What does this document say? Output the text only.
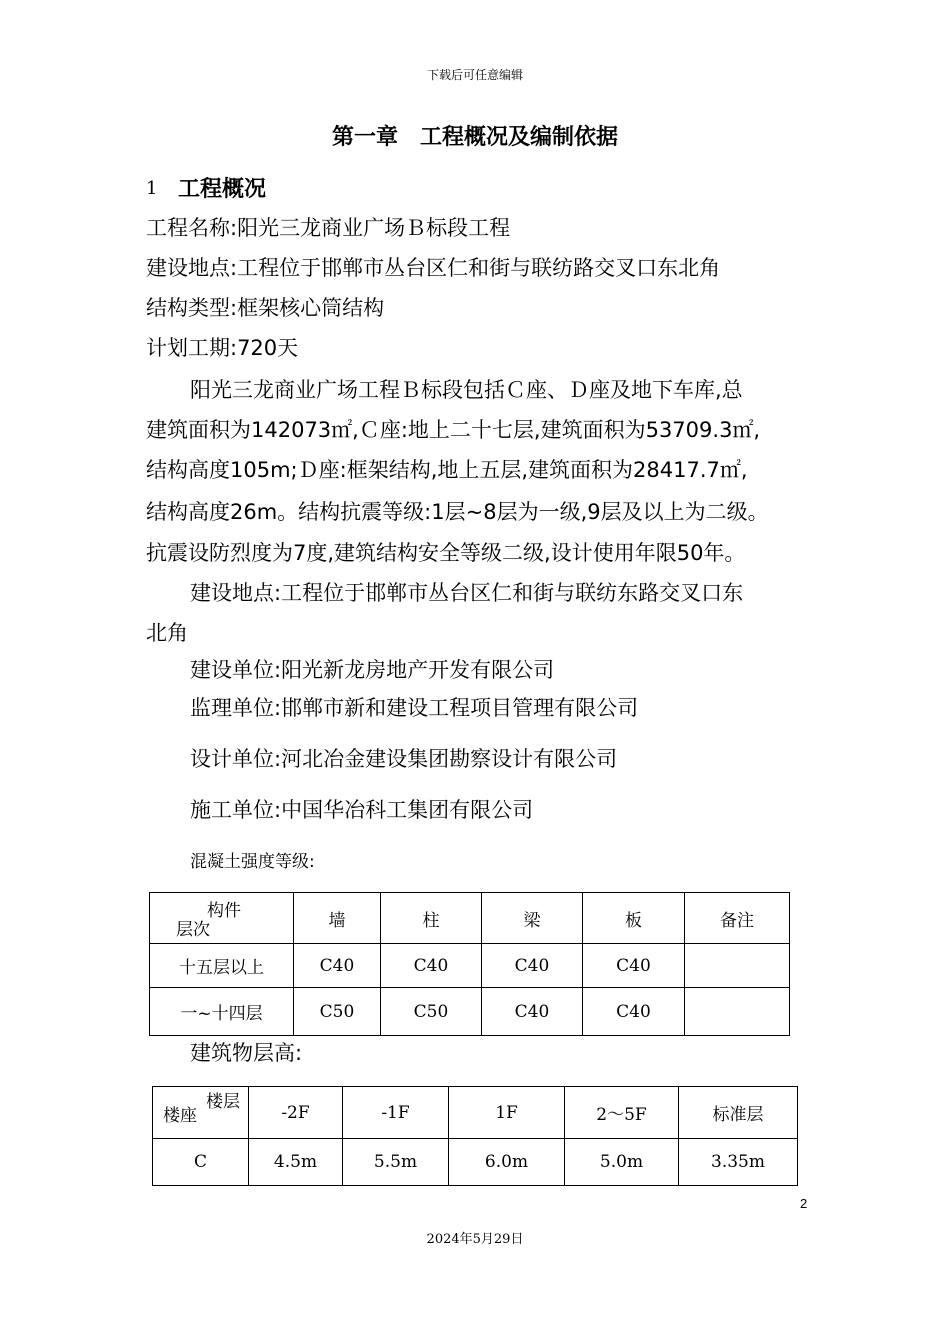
下载后可任意编辑
第一章　工程概况及编制依据
1 工程概况
工程名称:阳光三龙商业广场Ｂ标段工程
建设地点:工程位于邯郸市丛台区仁和街与联纺路交叉口东北角
结构类型:框架核心筒结构
计划工期:720天
阳光三龙商业广场工程Ｂ标段包括Ｃ座、Ｄ座及地下车库,总
建筑面积为142073㎡,Ｃ座:地上二十七层,建筑面积为53709.3㎡,
结构高度105m;Ｄ座:框架结构,地上五层,建筑面积为28417.7㎡,
结构高度26m。结构抗震等级:1层~8层为一级,9层及以上为二级。
抗震设防烈度为7度,建筑结构安全等级二级,设计使用年限50年。
建设地点:工程位于邯郸市丛台区仁和街与联纺东路交叉口东
北角
建设单位:阳光新龙房地产开发有限公司
监理单位:邯郸市新和建设工程项目管理有限公司
设计单位:河北冶金建设集团勘察设计有限公司
施工单位:中国华冶科工集团有限公司
混凝土强度等级:
构件
层次	墙	柱	梁	板	备注
十五层以上	C40	C40	C40	C40	
一~十四层	C50	C50	C40	C40	
建筑物层高:
楼层
楼座	-2F	-1F	1F	2～5F	标准层
C	4.5m	5.5m	6.0m	5.0m	3.35m
2
2024年5月29日
